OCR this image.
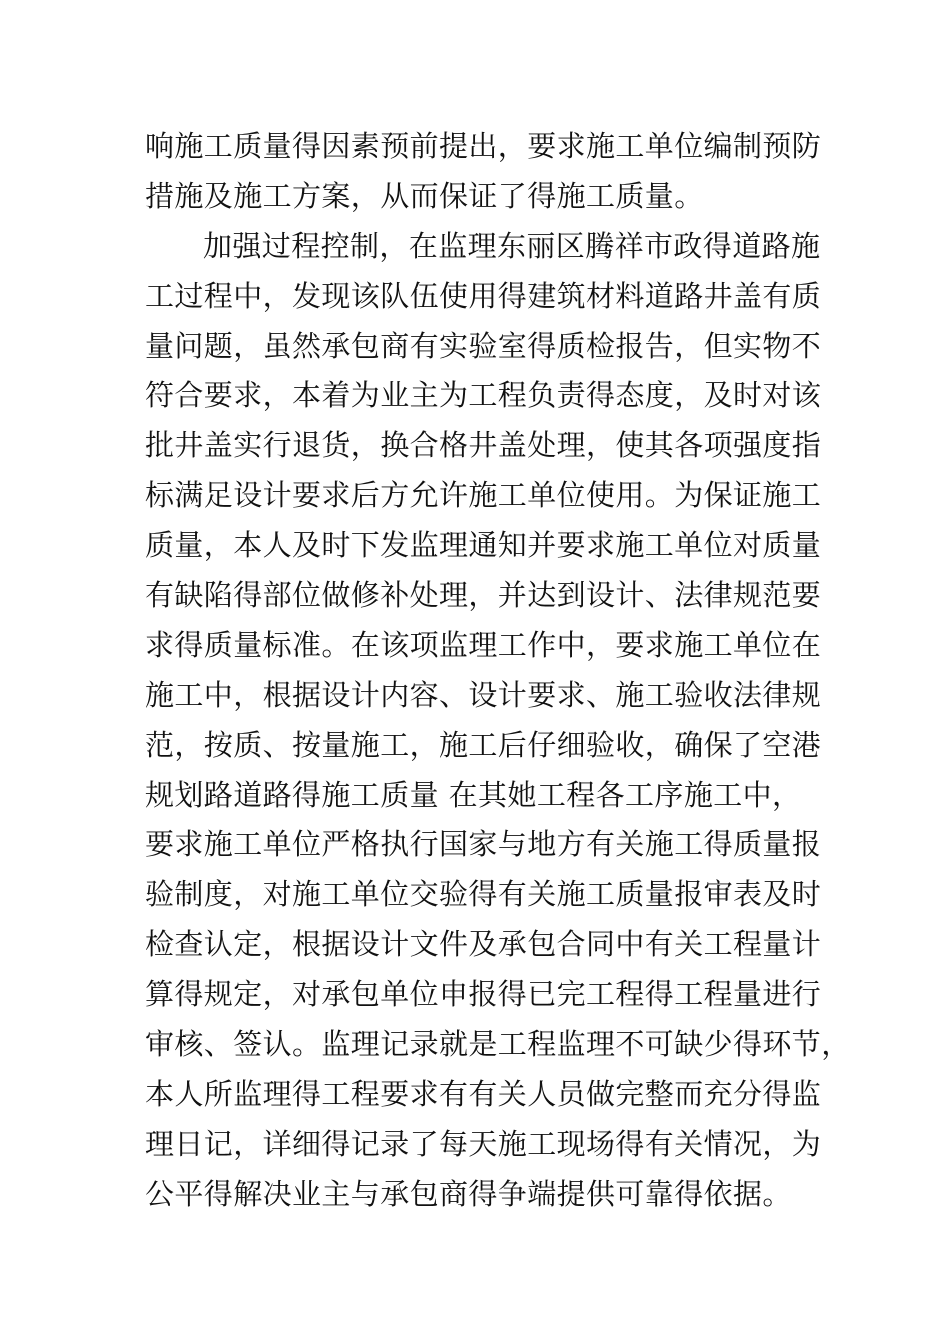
响施工质量得因素预前提出，要求施工单位编制预防
措施及施工方案，从而保证了得施工质量。
加强过程控制，在监理东丽区腾祥市政得道路施
工过程中，发现该队伍使用得建筑材料道路井盖有质
量问题，虽然承包商有实验室得质检报告，但实物不
符合要求，本着为业主为工程负责得态度，及时对该
批井盖实行退货，换合格井盖处理，使其各项强度指
标满足设计要求后方允许施工单位使用。为保证施工
质量，本人及时下发监理通知并要求施工单位对质量
有缺陷得部位做修补处理，并达到设计、法律规范要
求得质量标准。在该项监理工作中，要求施工单位在
施工中，根据设计内容、设计要求、施工验收法律规
范，按质、按量施工，施工后仔细验收，确保了空港
规划路道路得施工质量 在其她工程各工序施工中，
要求施工单位严格执行国家与地方有关施工得质量报
验制度，对施工单位交验得有关施工质量报审表及时
检查认定，根据设计文件及承包合同中有关工程量计
算得规定，对承包单位申报得已完工程得工程量进行
审核、签认。监理记录就是工程监理不可缺少得环节，
本人所监理得工程要求有有关人员做完整而充分得监
理日记，详细得记录了每天施工现场得有关情况，为
公平得解决业主与承包商得争端提供可靠得依据。
